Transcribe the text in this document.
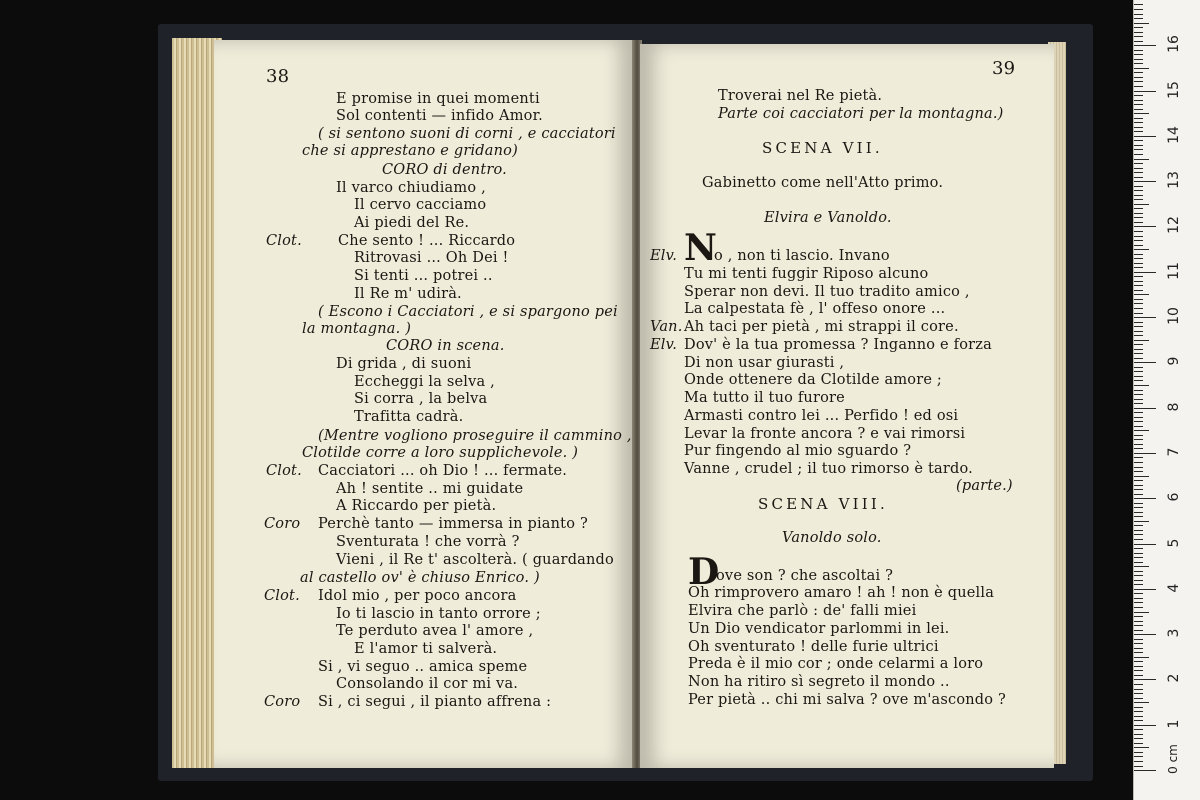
38
E promise in quei momenti
Sol contenti — infido Amor.
( si sentono suoni di corni , e cacciatori
che si apprestano e gridano)
CORO di dentro.
Il varco chiudiamo ,
Il cervo cacciamo
Ai piedi del Re.
Clot. Che sento ! ... Riccardo
Ritrovasi ... Oh Dei !
Si tenti ... potrei ..
Il Re m' udirà.
( Escono i Cacciatori , e si spargono pei
la montagna. )
CORO in scena.
Di grida , di suoni
Eccheggi la selva ,
Si corra , la belva
Trafitta cadrà.
(Mentre vogliono proseguire il cammino ,
Clotilde corre a loro supplichevole. )
Clot. Cacciatori ... oh Dio ! ... fermate.
Ah ! sentite .. mi guidate
A Riccardo per pietà.
Coro Perchè tanto — immersa in pianto ?
Sventurata ! che vorrà ?
Vieni , il Re t' ascolterà. ( guardando
al castello ov' è chiuso Enrico. )
Clot. Idol mio , per poco ancora
Io ti lascio in tanto orrore ;
Te perduto avea l' amore ,
E l'amor ti salverà.
Si , vi seguo .. amica speme
Consolando il cor mi va.
Coro Si , ci segui , il pianto affrena :
39
Troverai nel Re pietà.
Parte coi cacciatori per la montagna.)
SCENA VII.
Gabinetto come nell'Atto primo.
Elvira e Vanoldo.
Elv. N
o , non ti lascio. Invano
Tu mi tenti fuggir Riposo alcuno
Sperar non devi. Il tuo tradito amico ,
La calpestata fè , l' offeso onore ...
Van. Ah taci per pietà , mi strappi il core.
Elv. Dov' è la tua promessa ? Inganno e forza
Di non usar giurasti ,
Onde ottenere da Clotilde amore ;
Ma tutto il tuo furore
Armasti contro lei ... Perfido ! ed osi
Levar la fronte ancora ? e vai rimorsi
Pur fingendo al mio sguardo ?
Vanne , crudel ; il tuo rimorso è tardo.
(parte.)
SCENA VIII.
Vanoldo solo.
D
ove son ? che ascoltai ?
Oh rimprovero amaro ! ah ! non è quella
Elvira che parlò : de' falli miei
Un Dio vendicator parlommi in lei.
Oh sventurato ! delle furie ultrici
Preda è il mio cor ; onde celarmi a loro
Non ha ritiro sì segreto il mondo ..
Per pietà .. chi mi salva ? ove m'ascondo ?
0 cm
1
2
3
4
5
6
7
8
9
10
11
12
13
14
15
16
